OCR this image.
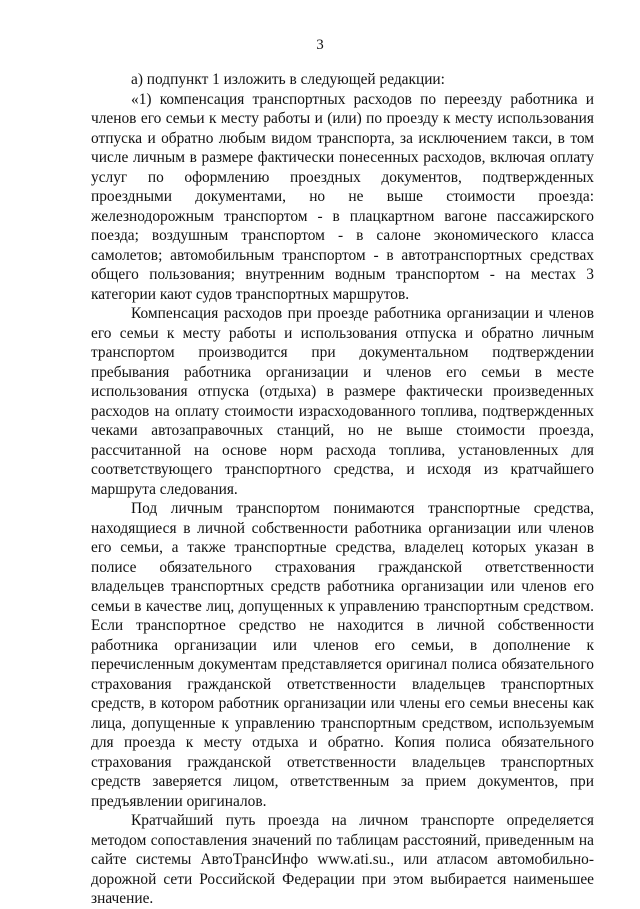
3

а) подпункт 1 изложить в следующей редакции:

«1) компенсация транспортных расходов по переезду работника и членов его семьи к месту работы и (или) по проезду к месту использования отпуска и обратно любым видом транспорта, за исключением такси, в том числе личным в размере фактически понесенных расходов, включая оплату услуг по оформлению проездных документов, подтвержденных проездными документами, но не выше стоимости проезда: железнодорожным транспортом - в плацкартном вагоне пассажирского поезда; воздушным транспортом - в салоне экономического класса самолетов; автомобильным транспортом - в автотранспортных средствах общего пользования; внутренним водным транспортом - на местах 3 категории кают судов транспортных маршрутов.

Компенсация расходов при проезде работника организации и членов его семьи к месту работы и использования отпуска и обратно личным транспортом производится при документальном подтверждении пребывания работника организации и членов его семьи в месте использования отпуска (отдыха) в размере фактически произведенных расходов на оплату стоимости израсходованного топлива, подтвержденных чеками автозаправочных станций, но не выше стоимости проезда, рассчитанной на основе норм расхода топлива, установленных для соответствующего транспортного средства, и исходя из кратчайшего маршрута следования.

Под личным транспортом понимаются транспортные средства, находящиеся в личной собственности работника организации или членов его семьи, а также транспортные средства, владелец которых указан в полисе обязательного страхования гражданской ответственности владельцев транспортных средств работника организации или членов его семьи в качестве лиц, допущенных к управлению транспортным средством. Если транспортное средство не находится в личной собственности работника организации или членов его семьи, в дополнение к перечисленным документам представляется оригинал полиса обязательного страхования гражданской ответственности владельцев транспортных средств, в котором работник организации или члены его семьи внесены как лица, допущенные к управлению транспортным средством, используемым для проезда к месту отдыха и обратно. Копия полиса обязательного страхования гражданской ответственности владельцев транспортных средств заверяется лицом, ответственным за прием документов, при предъявлении оригиналов.

Кратчайший путь проезда на личном транспорте определяется методом сопоставления значений по таблицам расстояний, приведенным на сайте системы АвтоТрансИнфо www.ati.su., или атласом автомобильно-дорожной сети Российской Федерации при этом выбирается наименьшее значение.
